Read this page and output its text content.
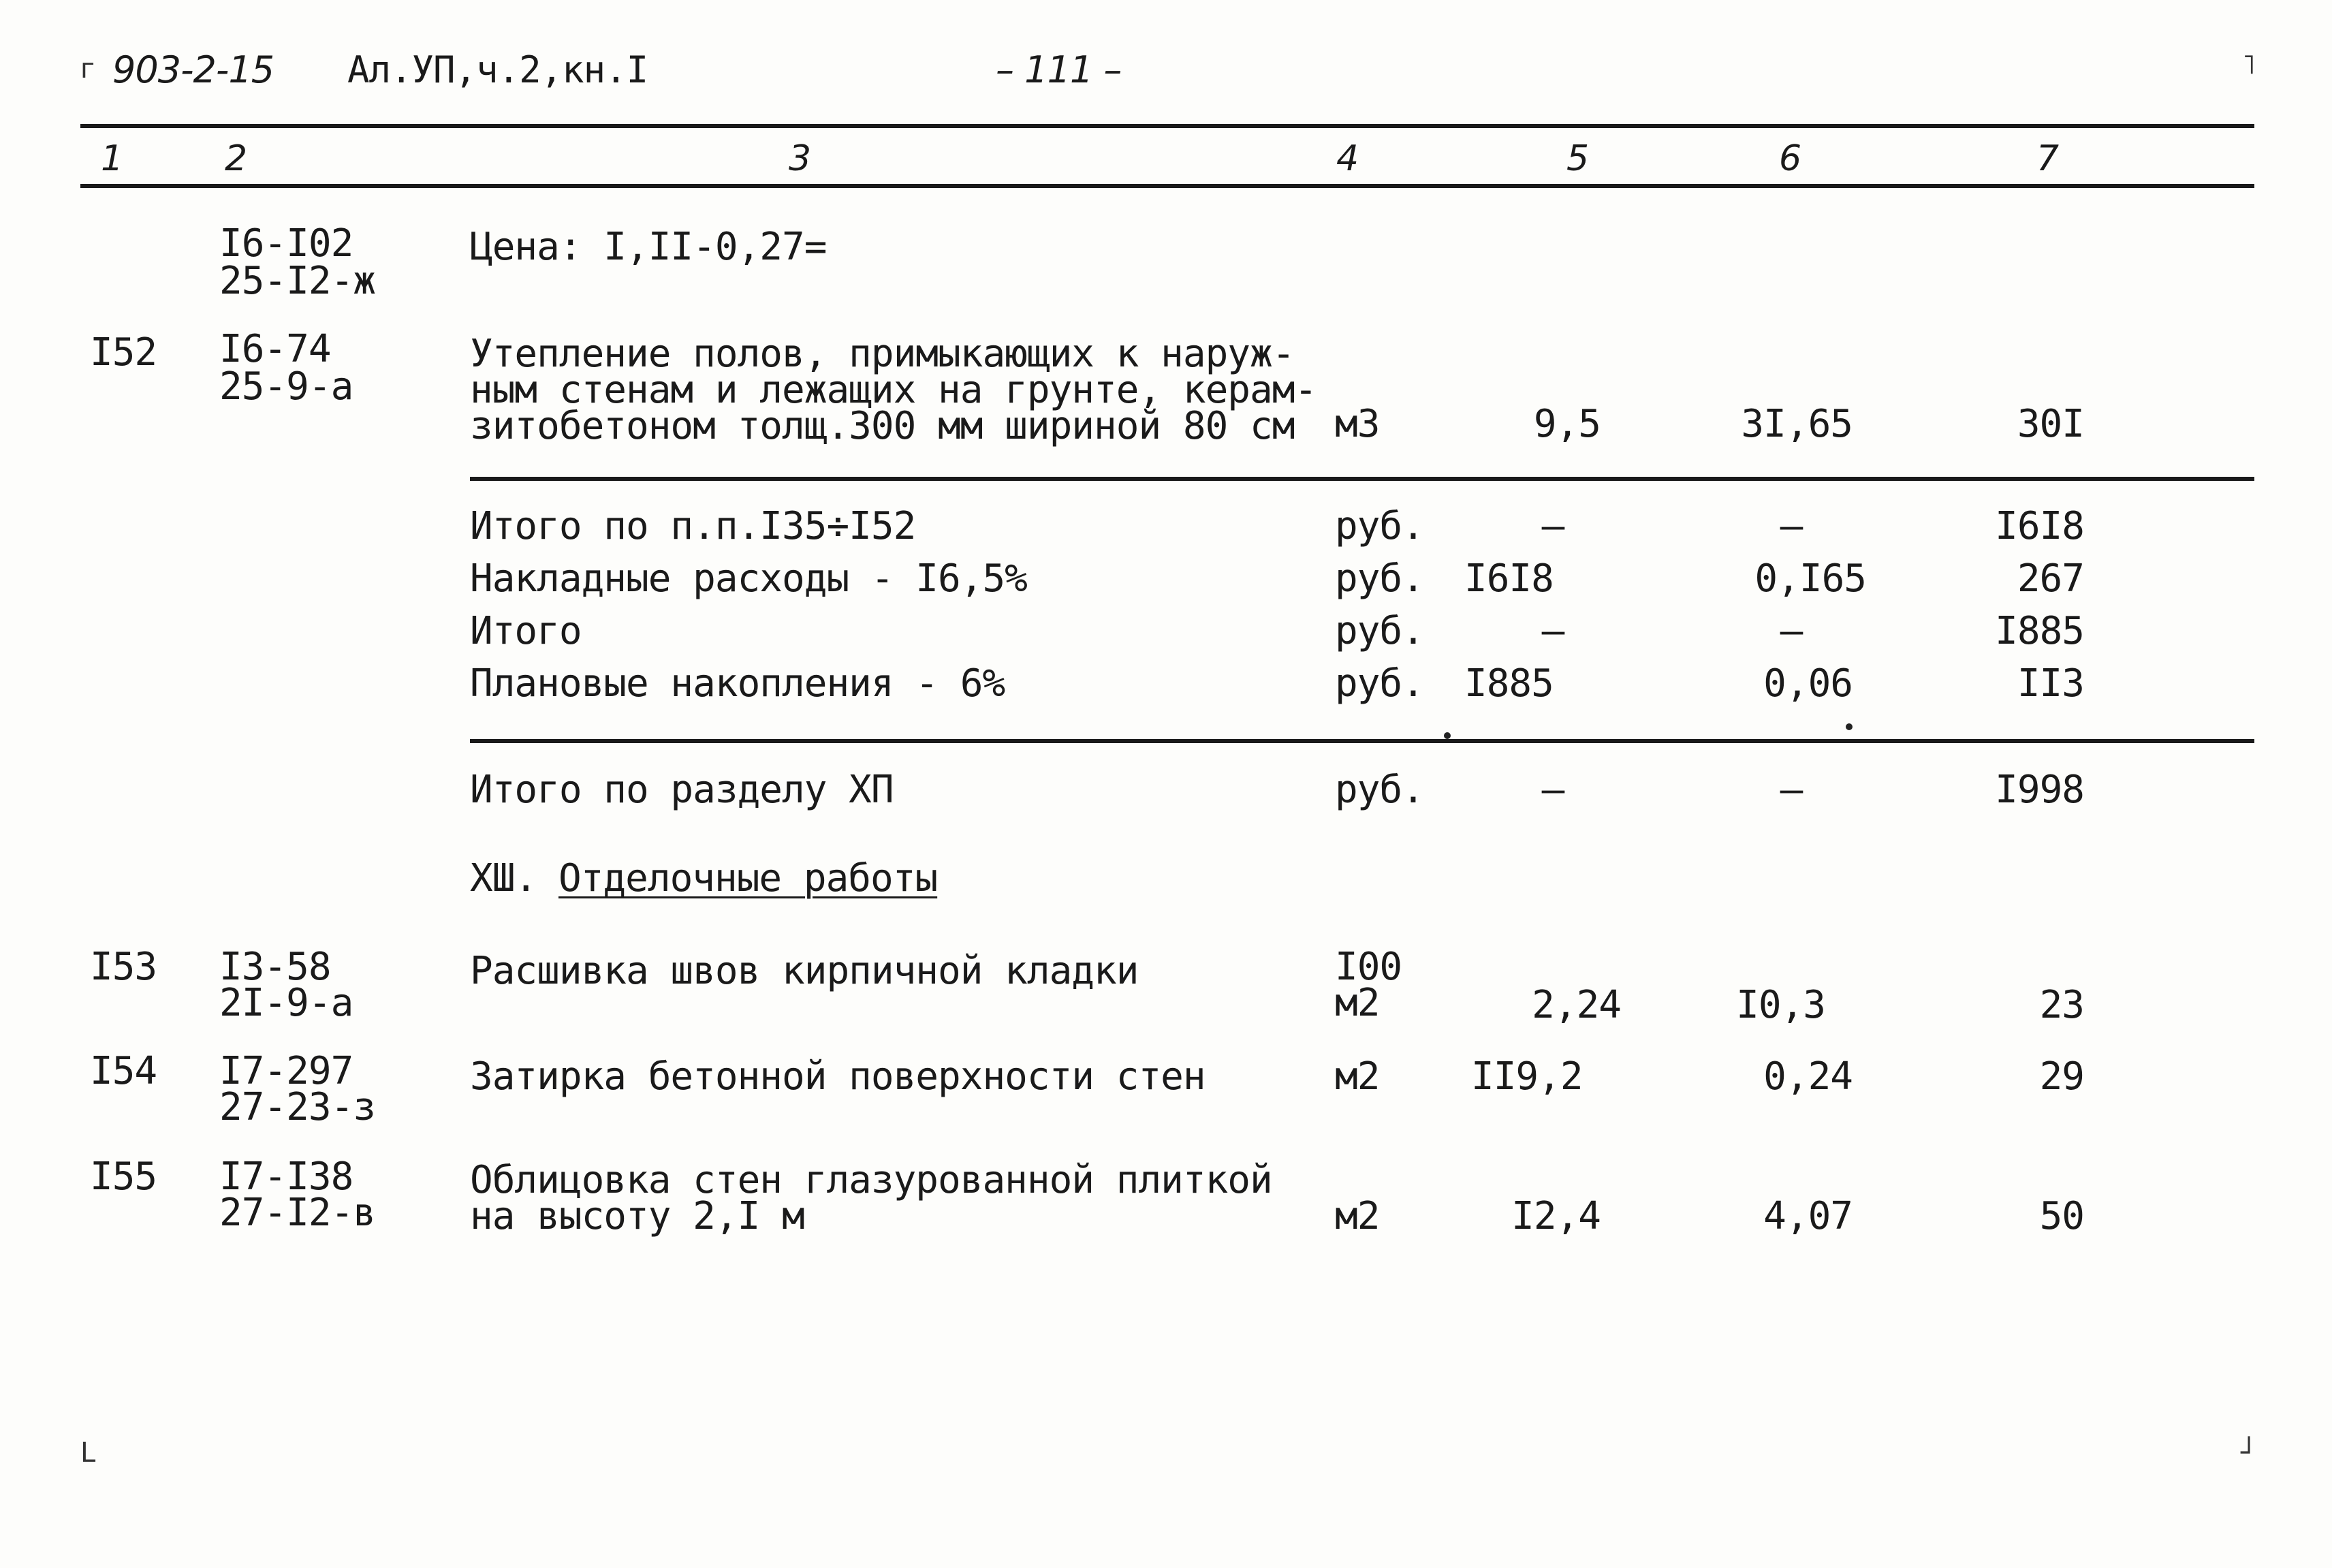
г	˥
L	┘
903-2-15 Ал.УП,ч.2,кн.I	– 111 –
1	2	3	4	5	6	7
I6-I02
25-I2-ж
Цена: I,II-0,27=
I52 I6-74
25-9-а
Утепление полов, примыкающих к наруж-
ным стенам и лежащих на грунте, керам-
зитобетоном толщ.300 мм шириной 80 см м3	9,5	3I,65	30I
Итого по п.п.I35÷I52	руб.	–	–	I6I8
Накладные расходы - I6,5%	руб. I6I8	0,I65	267
Итого	руб.	–	–	I885
Плановые накопления - 6%	руб. I885	0,06	II3
Итого по разделу XП	руб.	–	–	I998
XШ. Отделочные работы
I53 I3-58
2I-9-а
Расшивка швов кирпичной кладки	I00
м2	2,24	I0,3	23
I54 I7-297
27-23-з
Затирка бетонной поверхности стен	м2 II9,2	0,24	29
I55 I7-I38
27-I2-в
Облицовка стен глазурованной плиткой
на высоту 2,I м	м2	I2,4	4,07	50
